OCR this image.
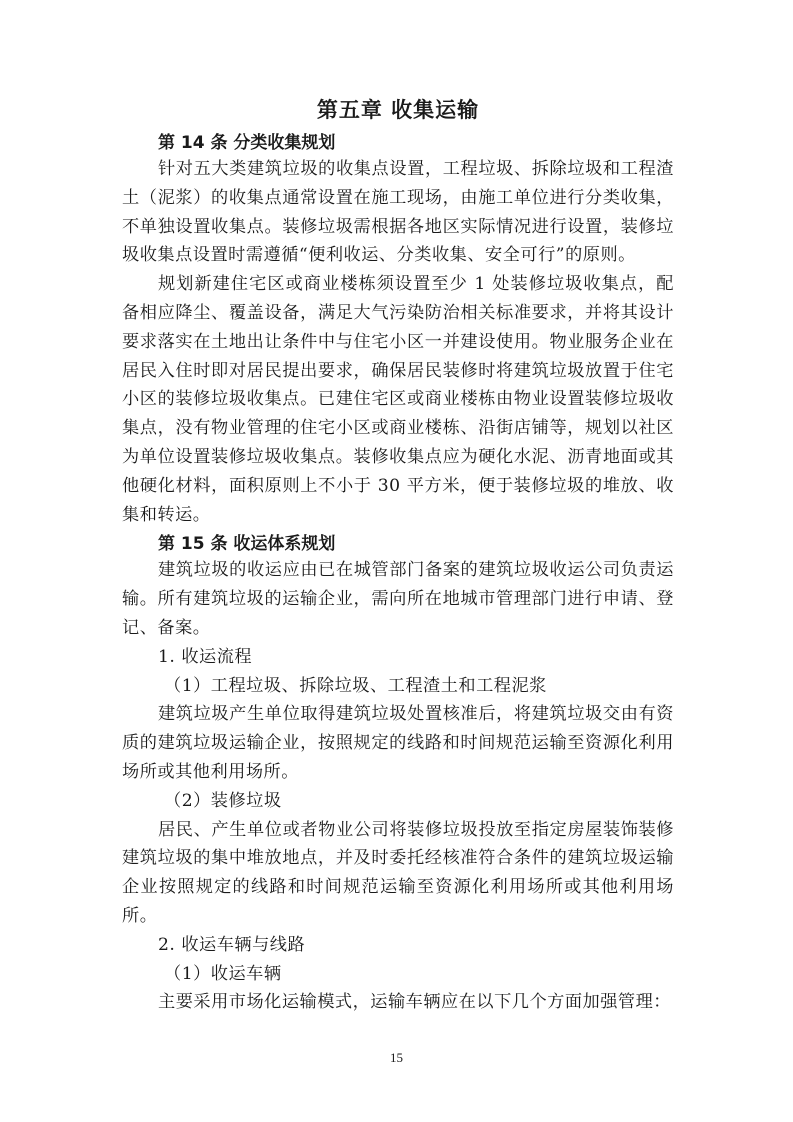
第五章 收集运输
第 14 条 分类收集规划

针对五大类建筑垃圾的收集点设置，工程垃圾、拆除垃圾和工程渣土（泥浆）的收集点通常设置在施工现场，由施工单位进行分类收集，不单独设置收集点。装修垃圾需根据各地区实际情况进行设置，装修垃圾收集点设置时需遵循“便利收运、分类收集、安全可行”的原则。

规划新建住宅区或商业楼栋须设置至少 1 处装修垃圾收集点，配备相应降尘、覆盖设备，满足大气污染防治相关标准要求，并将其设计要求落实在土地出让条件中与住宅小区一并建设使用。物业服务企业在居民入住时即对居民提出要求，确保居民装修时将建筑垃圾放置于住宅小区的装修垃圾收集点。已建住宅区或商业楼栋由物业设置装修垃圾收集点，没有物业管理的住宅小区或商业楼栋、沿街店铺等，规划以社区为单位设置装修垃圾收集点。装修收集点应为硬化水泥、沥青地面或其他硬化材料，面积原则上不小于 30 平方米，便于装修垃圾的堆放、收集和转运。

第 15 条 收运体系规划

建筑垃圾的收运应由已在城管部门备案的建筑垃圾收运公司负责运输。所有建筑垃圾的运输企业，需向所在地城市管理部门进行申请、登记、备案。

1. 收运流程

（1）工程垃圾、拆除垃圾、工程渣土和工程泥浆

建筑垃圾产生单位取得建筑垃圾处置核准后，将建筑垃圾交由有资质的建筑垃圾运输企业，按照规定的线路和时间规范运输至资源化利用场所或其他利用场所。

（2）装修垃圾

居民、产生单位或者物业公司将装修垃圾投放至指定房屋装饰装修建筑垃圾的集中堆放地点，并及时委托经核准符合条件的建筑垃圾运输企业按照规定的线路和时间规范运输至资源化利用场所或其他利用场所。

2. 收运车辆与线路

（1）收运车辆

主要采用市场化运输模式，运输车辆应在以下几个方面加强管理：

15
